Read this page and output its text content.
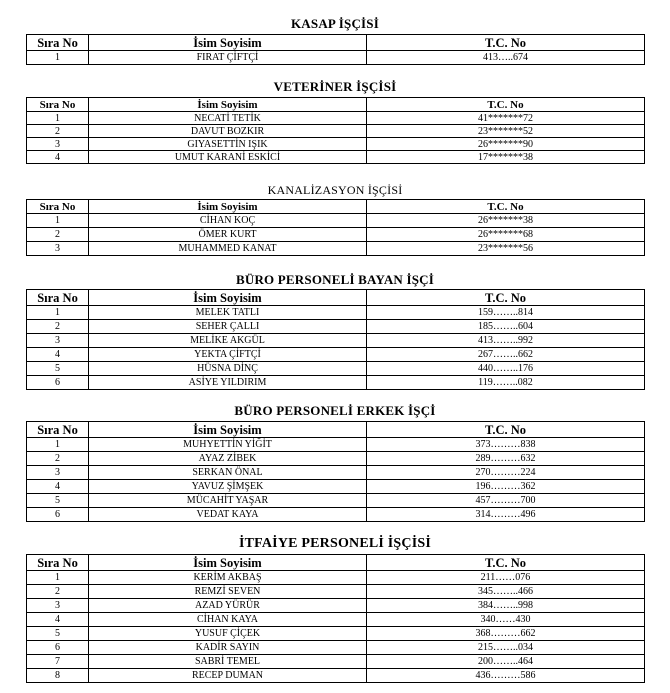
KASAP İŞÇİSİ
Sıra No	İsim Soyisim	T.C. No
1	FIRAT ÇİFTÇİ	413…..674
VETERİNER İŞÇİSİ
Sıra No	İsim Soyisim	T.C. No
1	NECATİ TETİK	41*******72
2	DAVUT BOZKIR	23*******52
3	GIYASETTİN IŞIK	26*******90
4	UMUT KARANİ ESKİCİ	17*******38
KANALİZASYON İŞÇİSİ
Sıra No	İsim Soyisim	T.C. No
1	CİHAN KOÇ	26*******38
2	ÖMER KURT	26*******68
3	MUHAMMED KANAT	23*******56
BÜRO PERSONELİ BAYAN İŞÇİ
Sıra No	İsim Soyisim	T.C. No
1	MELEK TATLI	159……..814
2	SEHER ÇALLI	185……..604
3	MELİKE AKGÜL	413……..992
4	YEKTA ÇİFTÇİ	267……..662
5	HÜSNA DİNÇ	440……..176
6	ASİYE YILDIRIM	119……..082
BÜRO PERSONELİ ERKEK İŞÇİ
Sıra No	İsim Soyisim	T.C. No
1	MUHYETTİN YİĞİT	373………838
2	AYAZ ZİBEK	289………632
3	SERKAN ÖNAL	270………224
4	YAVUZ ŞİMŞEK	196………362
5	MÜCAHİT YAŞAR	457………700
6	VEDAT KAYA	314………496
İTFAİYE PERSONELİ İŞÇİSİ
Sıra No	İsim Soyisim	T.C. No
1	KERİM AKBAŞ	211……076
2	REMZİ SEVEN	345……..466
3	AZAD YÜRÜR	384……..998
4	CİHAN KAYA	340……430
5	YUSUF ÇİÇEK	368………662
6	KADİR SAYIN	215……..034
7	SABRİ TEMEL	200……..464
8	RECEP DUMAN	436………586
